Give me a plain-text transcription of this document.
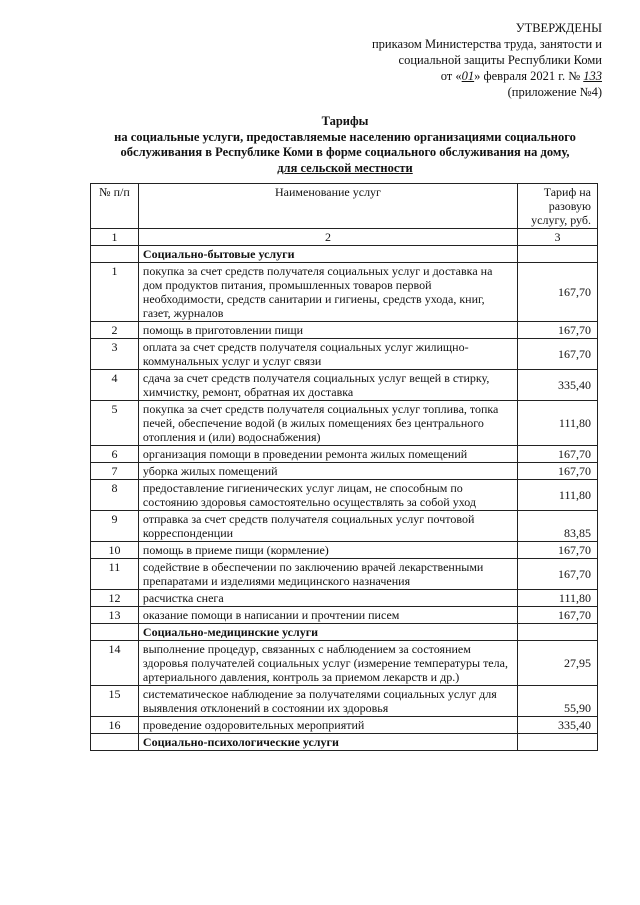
УТВЕРЖДЕНЫ
приказом Министерства труда, занятости и
социальной защиты Республики Коми
от «01» февраля 2021 г. № 133
(приложение №4)
Тарифы
на социальные услуги, предоставляемые населению организациями социального
обслуживания в Республике Коми в форме социального обслуживания на дому,
для сельской местности
№ п/п	Наименование услуг	Тариф на разовую услугу, руб.
1	2	3
	Социально-бытовые услуги	
1	покупка за счет средств получателя социальных услуг и доставка на дом продуктов питания, промышленных товаров первой необходимости, средств санитарии и гигиены, средств ухода, книг, газет, журналов	167,70
2	помощь в приготовлении пищи	167,70
3	оплата за счет средств получателя социальных услуг жилищно-коммунальных услуг и услуг связи	167,70
4	сдача за счет средств получателя социальных услуг вещей в стирку, химчистку, ремонт, обратная их доставка	335,40
5	покупка за счет средств получателя социальных услуг топлива, топка печей, обеспечение водой (в жилых помещениях без центрального отопления и (или) водоснабжения)	111,80
6	организация помощи в проведении ремонта жилых помещений	167,70
7	уборка жилых помещений	167,70
8	предоставление гигиенических услуг лицам, не способным по состоянию здоровья самостоятельно осуществлять за собой уход	111,80
9	отправка за счет средств получателя социальных услуг почтовой корреспонденции	83,85
10	помощь в приеме пищи (кормление)	167,70
11	содействие в обеспечении по заключению врачей лекарственными препаратами и изделиями медицинского назначения	167,70
12	расчистка снега	111,80
13	оказание помощи в написании и прочтении писем	167,70
	Социально-медицинские услуги	
14	выполнение процедур, связанных с наблюдением за состоянием здоровья получателей социальных услуг (измерение температуры тела, артериального давления, контроль за приемом лекарств и др.)	27,95
15	систематическое наблюдение за получателями социальных услуг для выявления отклонений в состоянии их здоровья	55,90
16	проведение оздоровительных мероприятий	335,40
	Социально-психологические услуги	
